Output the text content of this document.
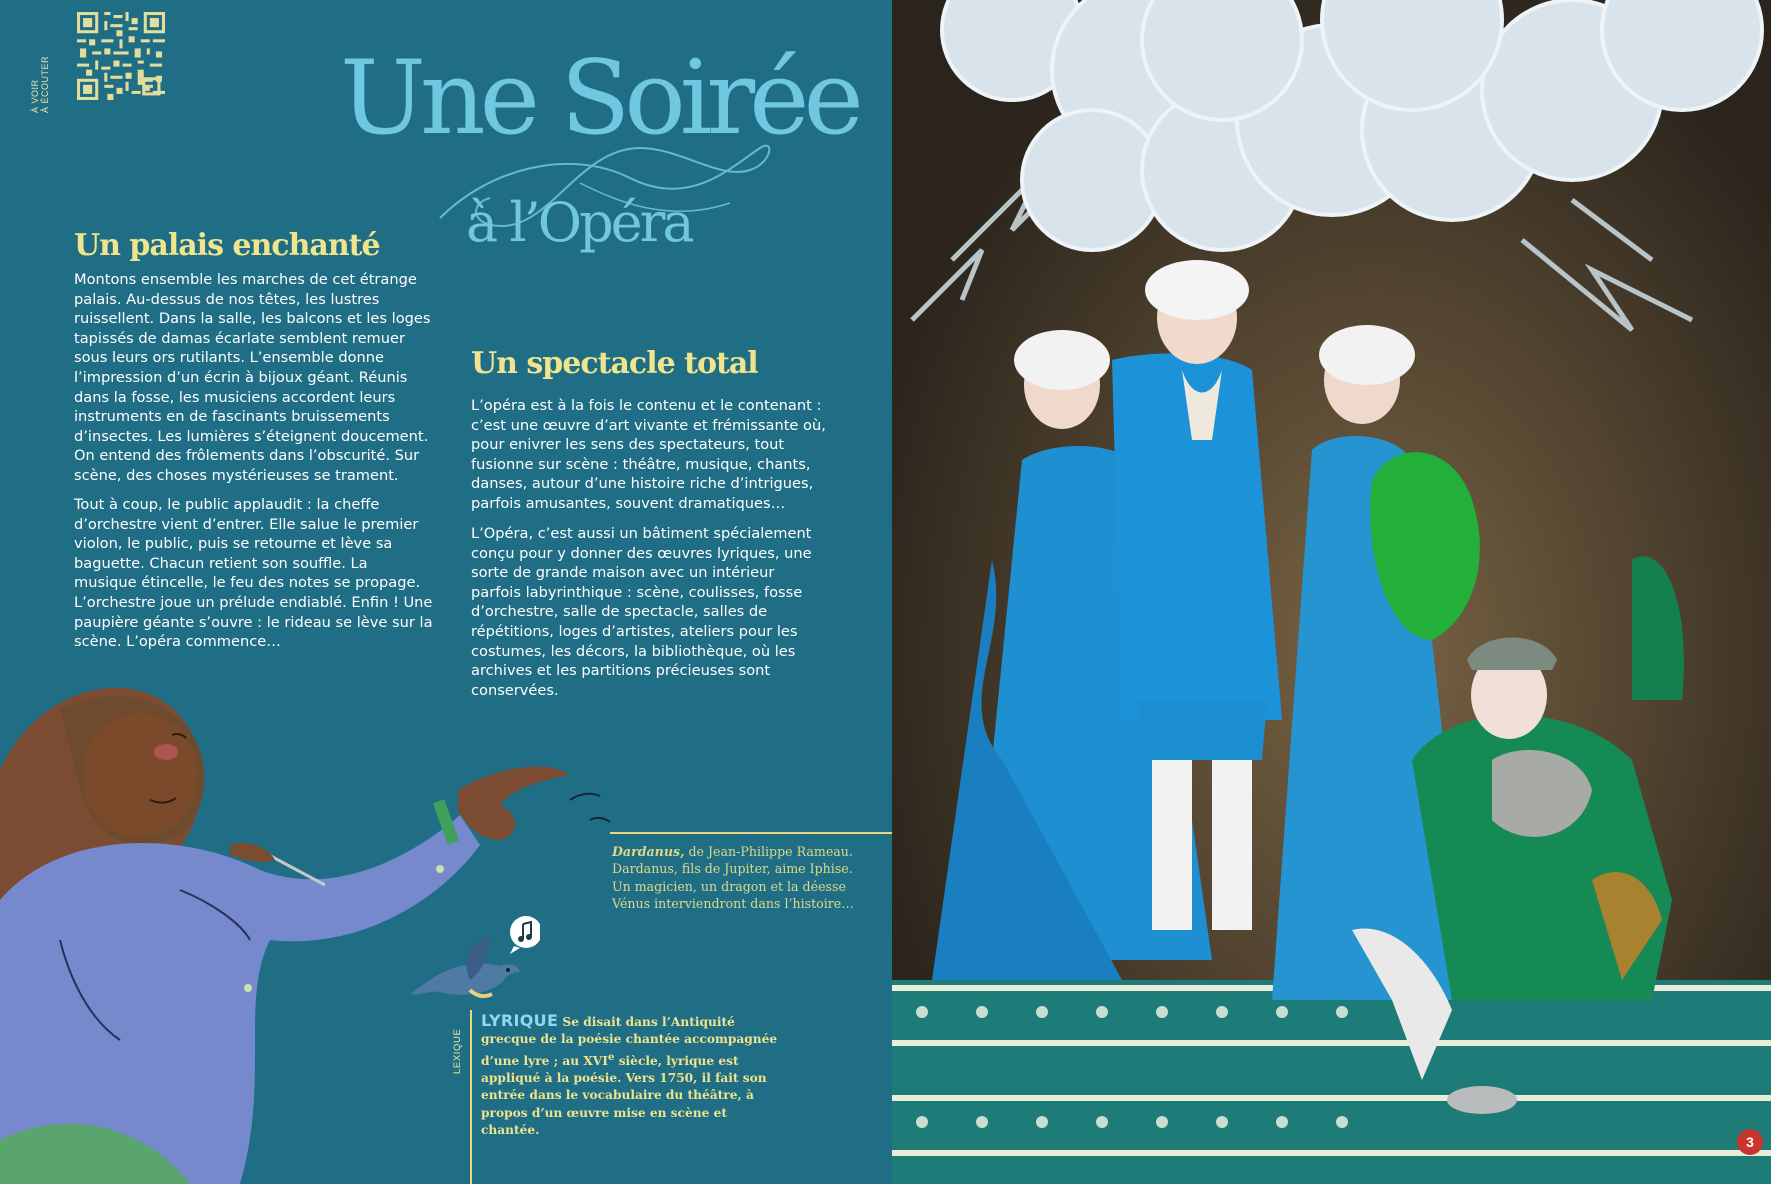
À VOIR À ÉCOUTER	Une Soirée
à l’Opéra
Un palais enchanté

Montons ensemble les marches de cet étrange palais. Au-dessus de nos têtes, les lustres ruissellent. Dans la salle, les balcons et les loges tapissés de damas écarlate semblent remuer sous leurs ors rutilants. L’ensemble donne l’impression d’un écrin à bijoux géant. Réunis dans la fosse, les musiciens accordent leurs instruments en de fascinants bruissements d’insectes. Les lumières s’éteignent doucement. On entend des frôlements dans l’obscurité. Sur scène, des choses mystérieuses se trament.

Tout à coup, le public applaudit : la cheffe d’orchestre vient d’entrer. Elle salue le premier violon, le public, puis se retourne et lève sa baguette. Chacun retient son souffle. La musique étincelle, le feu des notes se propage. L’orchestre joue un prélude endiablé. Enfin ! Une paupière géante s’ouvre : le rideau se lève sur la scène. L’opéra commence…

Un spectacle total

L’opéra est à la fois le contenu et le contenant : c’est une œuvre d’art vivante et frémissante où, pour enivrer les sens des spectateurs, tout fusionne sur scène : théâtre, musique, chants, danses, autour d’une histoire riche d’intrigues, parfois amusantes, souvent dramatiques…

L’Opéra, c’est aussi un bâtiment spécialement conçu pour y donner des œuvres lyriques, une sorte de grande maison avec un intérieur parfois labyrinthique : scène, coulisses, fosse d’orchestre, salle de spectacle, salles de répétitions, loges d’artistes, ateliers pour les costumes, les décors, la bibliothèque, où les archives et les partitions précieuses sont conservées.

Dardanus, de Jean-Philippe Rameau. Dardanus, fils de Jupiter, aime Iphise. Un magicien, un dragon et la déesse Vénus interviendront dans l’histoire…
LEXIQUE
LYRIQUE Se disait dans l’Antiquité grecque de la poésie chantée accompagnée d’une lyre ; au XVIe siècle, lyrique est appliqué à la poésie. Vers 1750, il fait son entrée dans le vocabulaire du théâtre, à propos d’un œuvre mise en scène et chantée.
3
